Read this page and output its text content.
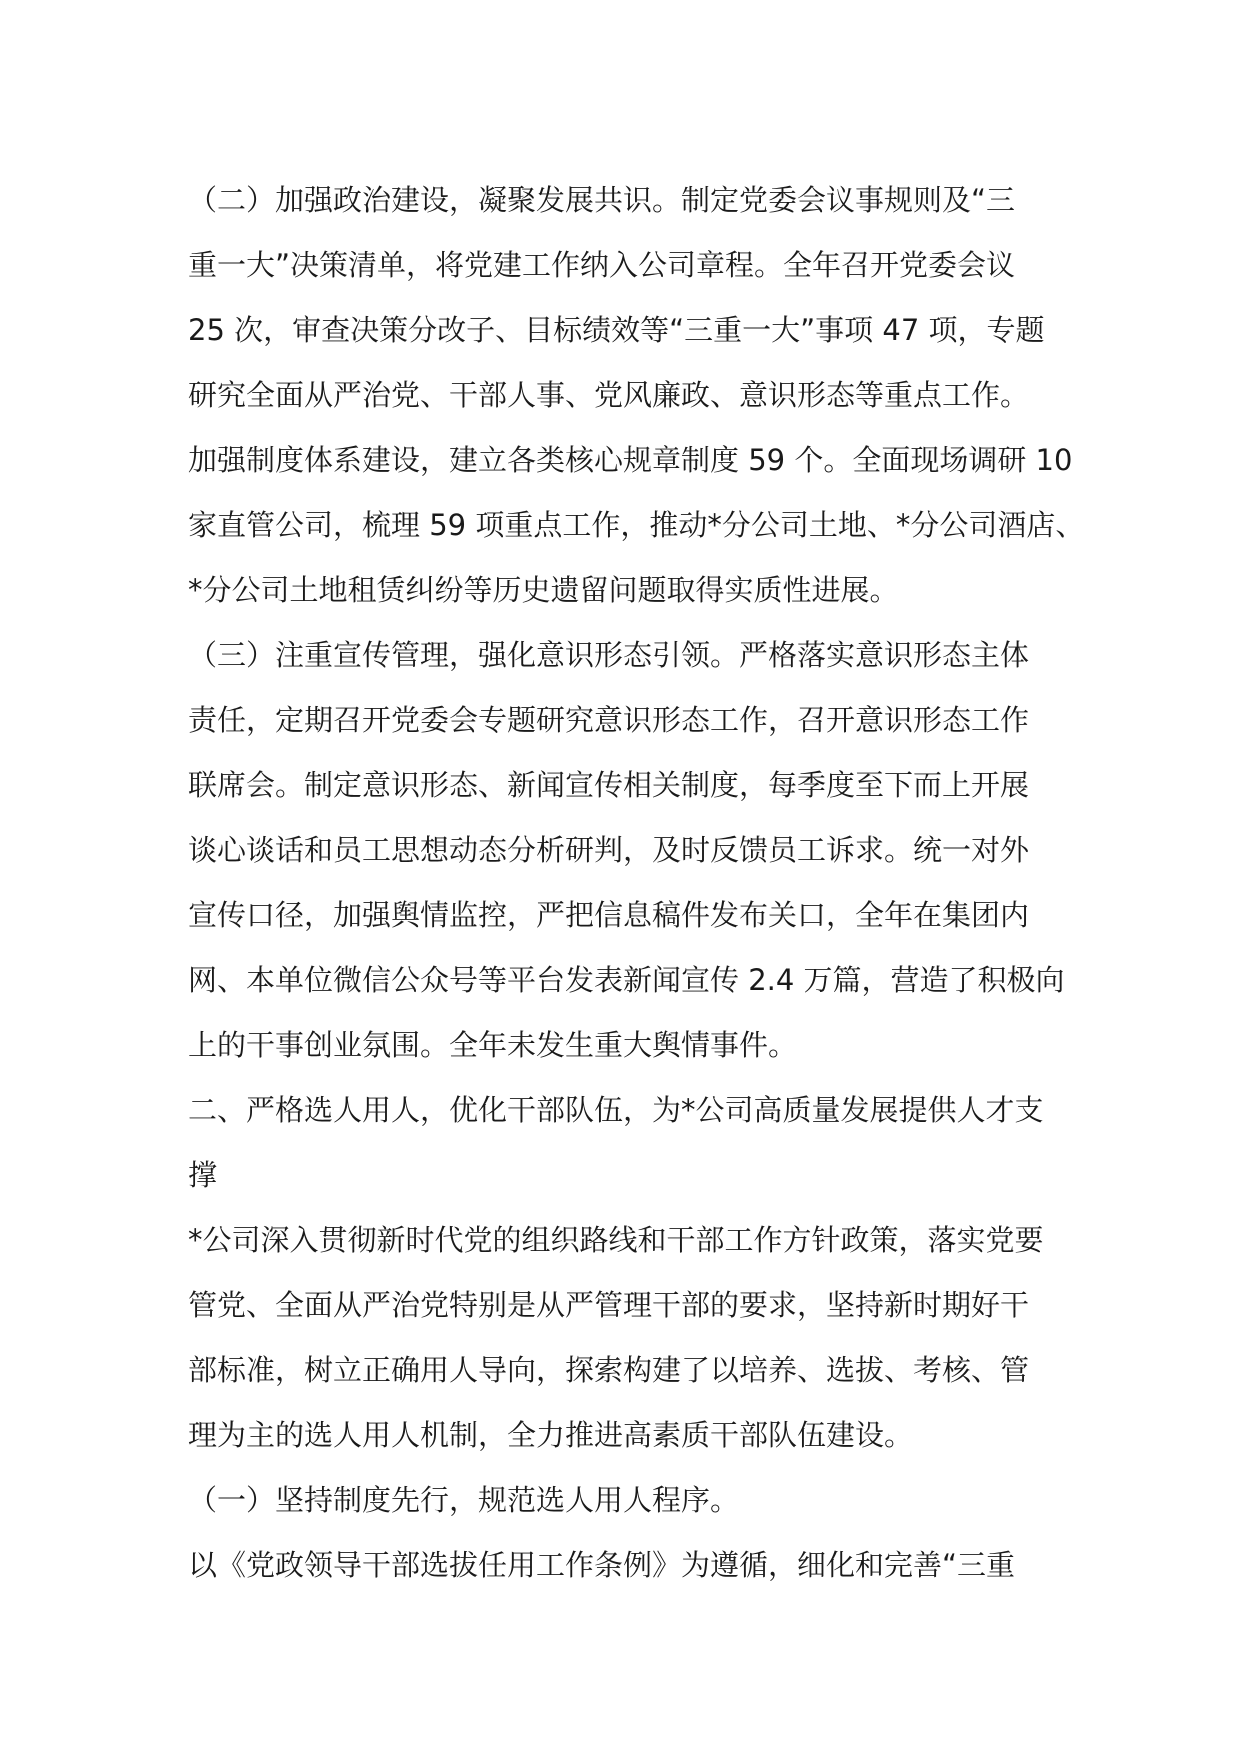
（二）加强政治建设，凝聚发展共识。制定党委会议事规则及“三
重一大”决策清单，将党建工作纳入公司章程。全年召开党委会议
25 次，审查决策分改子、目标绩效等“三重一大”事项 47 项，专题
研究全面从严治党、干部人事、党风廉政、意识形态等重点工作。
加强制度体系建设，建立各类核心规章制度 59 个。全面现场调研 10
家直管公司，梳理 59 项重点工作，推动*分公司土地、*分公司酒店、
*分公司土地租赁纠纷等历史遗留问题取得实质性进展。
（三）注重宣传管理，强化意识形态引领。严格落实意识形态主体
责任，定期召开党委会专题研究意识形态工作，召开意识形态工作
联席会。制定意识形态、新闻宣传相关制度，每季度至下而上开展
谈心谈话和员工思想动态分析研判，及时反馈员工诉求。统一对外
宣传口径，加强舆情监控，严把信息稿件发布关口，全年在集团内
网、本单位微信公众号等平台发表新闻宣传 2.4 万篇，营造了积极向
上的干事创业氛围。全年未发生重大舆情事件。
二、严格选人用人，优化干部队伍，为*公司高质量发展提供人才支
撑
*公司深入贯彻新时代党的组织路线和干部工作方针政策，落实党要
管党、全面从严治党特别是从严管理干部的要求，坚持新时期好干
部标准，树立正确用人导向，探索构建了以培养、选拔、考核、管
理为主的选人用人机制，全力推进高素质干部队伍建设。
（一）坚持制度先行，规范选人用人程序。
以《党政领导干部选拔任用工作条例》为遵循，细化和完善“三重
